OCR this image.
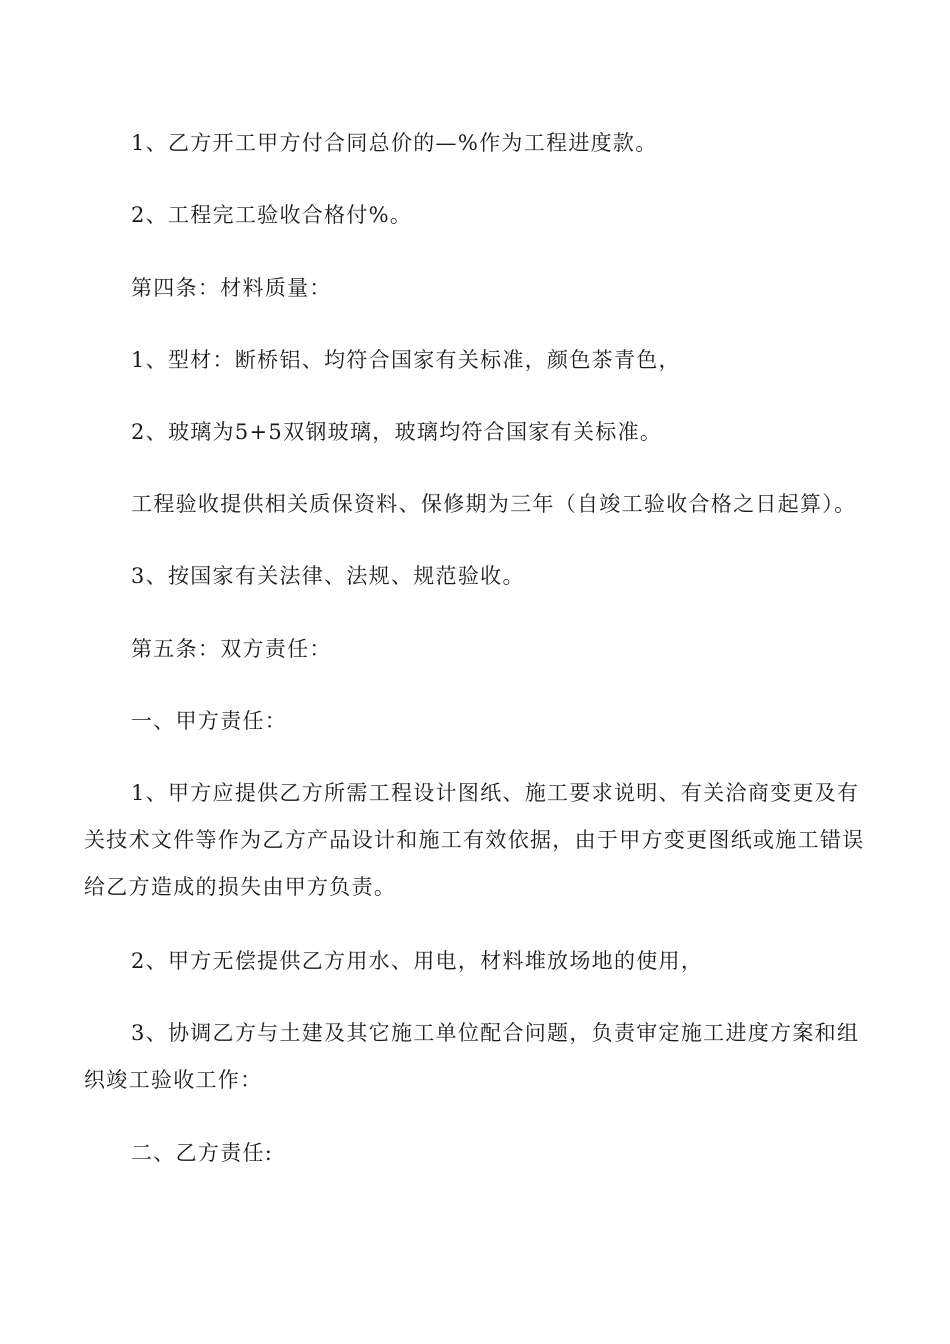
1、乙方开工甲方付合同总价的—%作为工程进度款。

2、工程完工验收合格付%。

第四条：材料质量：

1、型材：断桥铝、均符合国家有关标准，颜色茶青色，

2、玻璃为5+5双钢玻璃，玻璃均符合国家有关标准。

工程验收提供相关质保资料、保修期为三年（自竣工验收合格之日起算）。

3、按国家有关法律、法规、规范验收。

第五条：双方责任：

一、甲方责任：

1、甲方应提供乙方所需工程设计图纸、施工要求说明、有关洽商变更及有关技术文件等作为乙方产品设计和施工有效依据，由于甲方变更图纸或施工错误给乙方造成的损失由甲方负责。

2、甲方无偿提供乙方用水、用电，材料堆放场地的使用，

3、协调乙方与土建及其它施工单位配合问题，负责审定施工进度方案和组织竣工验收工作：

二、乙方责任:
